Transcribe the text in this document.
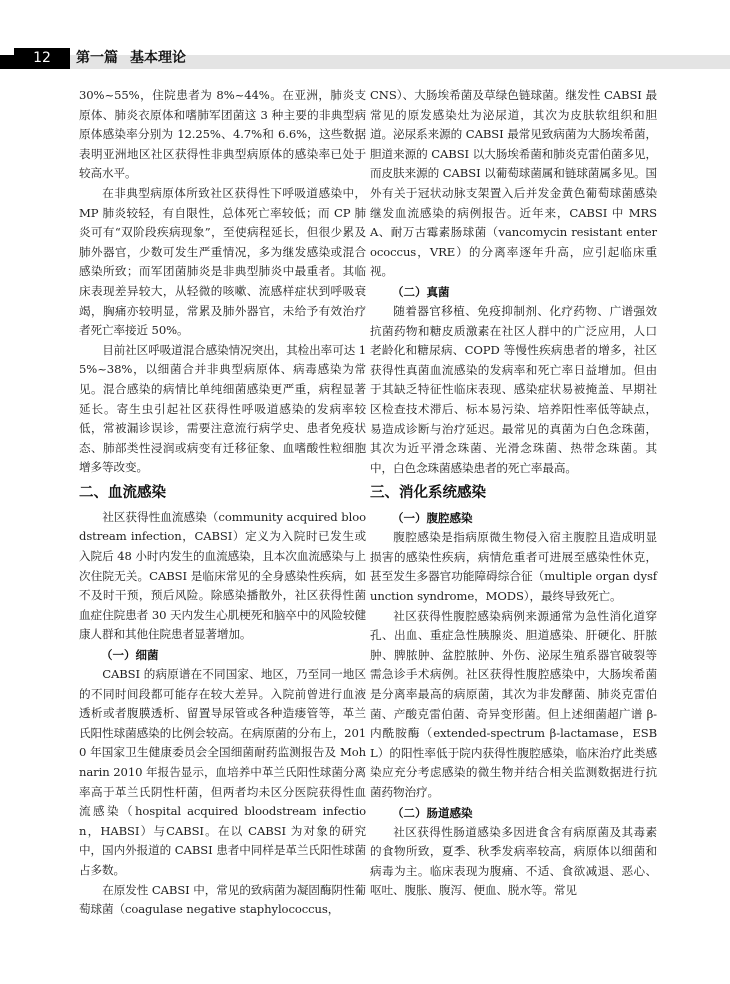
12	第一篇 基本理论

30%~55%，住院患者为 8%~44%。在亚洲，肺炎支原体、肺炎衣原体和嗜肺军团菌这 3 种主要的非典型病原体感染率分别为 12.25%、4.7%和 6.6%，这些数据表明亚洲地区社区获得性非典型病原体的感染率已处于较高水平。

在非典型病原体所致社区获得性下呼吸道感染中，MP 肺炎较轻，有自限性，总体死亡率较低；而 CP 肺炎可有“双阶段疾病现象”，至使病程延长，但很少累及肺外器官，少数可发生严重情况，多为继发感染或混合感染所致；而军团菌肺炎是非典型肺炎中最重者。其临床表现差异较大，从轻微的咳嗽、流感样症状到呼吸衰竭，胸痛亦较明显，常累及肺外器官，未给予有效治疗者死亡率接近 50%。

目前社区呼吸道混合感染情况突出，其检出率可达 15%~38%，以细菌合并非典型病原体、病毒感染为常见。混合感染的病情比单纯细菌感染更严重，病程显著延长。寄生虫引起社区获得性呼吸道感染的发病率较低，常被漏诊误诊，需要注意流行病学史、患者免疫状态、肺部类性浸润或病变有迁移征象、血嗜酸性粒细胞增多等改变。

二、血流感染

社区获得性血流感染（community acquired bloodstream infection，CABSI）定义为入院时已发生或入院后 48 小时内发生的血流感染，且本次血流感染与上次住院无关。CABSI 是临床常见的全身感染性疾病，如不及时干预，预后风险。除感染播散外，社区获得性菌血症住院患者 30 天内发生心肌梗死和脑卒中的风险较健康人群和其他住院患者显著增加。

（一）细菌

CABSI 的病原谱在不同国家、地区，乃至同一地区的不同时间段都可能存在较大差异。入院前曾进行血液透析或者腹膜透析、留置导尿管或各种造瘘管等，革兰氏阳性球菌感染的比例会较高。在病原菌的分布上，2010 年国家卫生健康委员会全国细菌耐药监测报告及 Mohnarin 2010 年报告显示，血培养中革兰氏阳性球菌分离率高于革兰氏阴性杆菌，但两者均未区分医院获得性血流感染（hospital acquired bloodstream infection，HABSI）与CABSI。在以 CABSI 为对象的研究中，国内外报道的 CABSI 患者中同样是革兰氏阳性球菌占多数。

在原发性 CABSI 中，常见的致病菌为凝固酶阴性葡萄球菌（coagulase negative staphylococcus，

CNS）、大肠埃希菌及草绿色链球菌。继发性 CABSI 最常见的原发感染灶为泌尿道，其次为皮肤软组织和胆道。泌尿系来源的 CABSI 最常见致病菌为大肠埃希菌，胆道来源的 CABSI 以大肠埃希菌和肺炎克雷伯菌多见，而皮肤来源的 CABSI 以葡萄球菌属和链球菌属多见。国外有关于冠状动脉支架置入后并发金黄色葡萄球菌感染继发血流感染的病例报告。近年来，CABSI 中 MRSA、耐万古霉素肠球菌（vancomycin resistant enterococcus，VRE）的分离率逐年升高，应引起临床重视。

（二）真菌

随着器官移植、免疫抑制剂、化疗药物、广谱强效抗菌药物和糖皮质激素在社区人群中的广泛应用，人口老龄化和糖尿病、COPD 等慢性疾病患者的增多，社区获得性真菌血流感染的发病率和死亡率日益增加。但由于其缺乏特征性临床表现、感染症状易被掩盖、早期社区检查技术滞后、标本易污染、培养阳性率低等缺点，易造成诊断与治疗延迟。最常见的真菌为白色念珠菌，其次为近平滑念珠菌、光滑念珠菌、热带念珠菌。其中，白色念珠菌感染患者的死亡率最高。

三、消化系统感染
（一）腹腔感染

腹腔感染是指病原微生物侵入宿主腹腔且造成明显损害的感染性疾病，病情危重者可进展至感染性休克，甚至发生多器官功能障碍综合征（multiple organ dysfunction syndrome，MODS），最终导致死亡。

社区获得性腹腔感染病例来源通常为急性消化道穿孔、出血、重症急性胰腺炎、胆道感染、肝硬化、肝脓肿、脾脓肿、盆腔脓肿、外伤、泌尿生殖系器官破裂等需急诊手术病例。社区获得性腹腔感染中，大肠埃希菌是分离率最高的病原菌，其次为非发酵菌、肺炎克雷伯菌、产酸克雷伯菌、奇异变形菌。但上述细菌超广谱 β-内酰胺酶（extended-spectrum β-lactamase，ESBL）的阳性率低于院内获得性腹腔感染，临床治疗此类感染应充分考虑感染的微生物并结合相关监测数据进行抗菌药物治疗。

（二）肠道感染

社区获得性肠道感染多因进食含有病原菌及其毒素的食物所致，夏季、秋季发病率较高，病原体以细菌和病毒为主。临床表现为腹痛、不适、食欲减退、恶心、呕吐、腹胀、腹泻、便血、脱水等。常见
